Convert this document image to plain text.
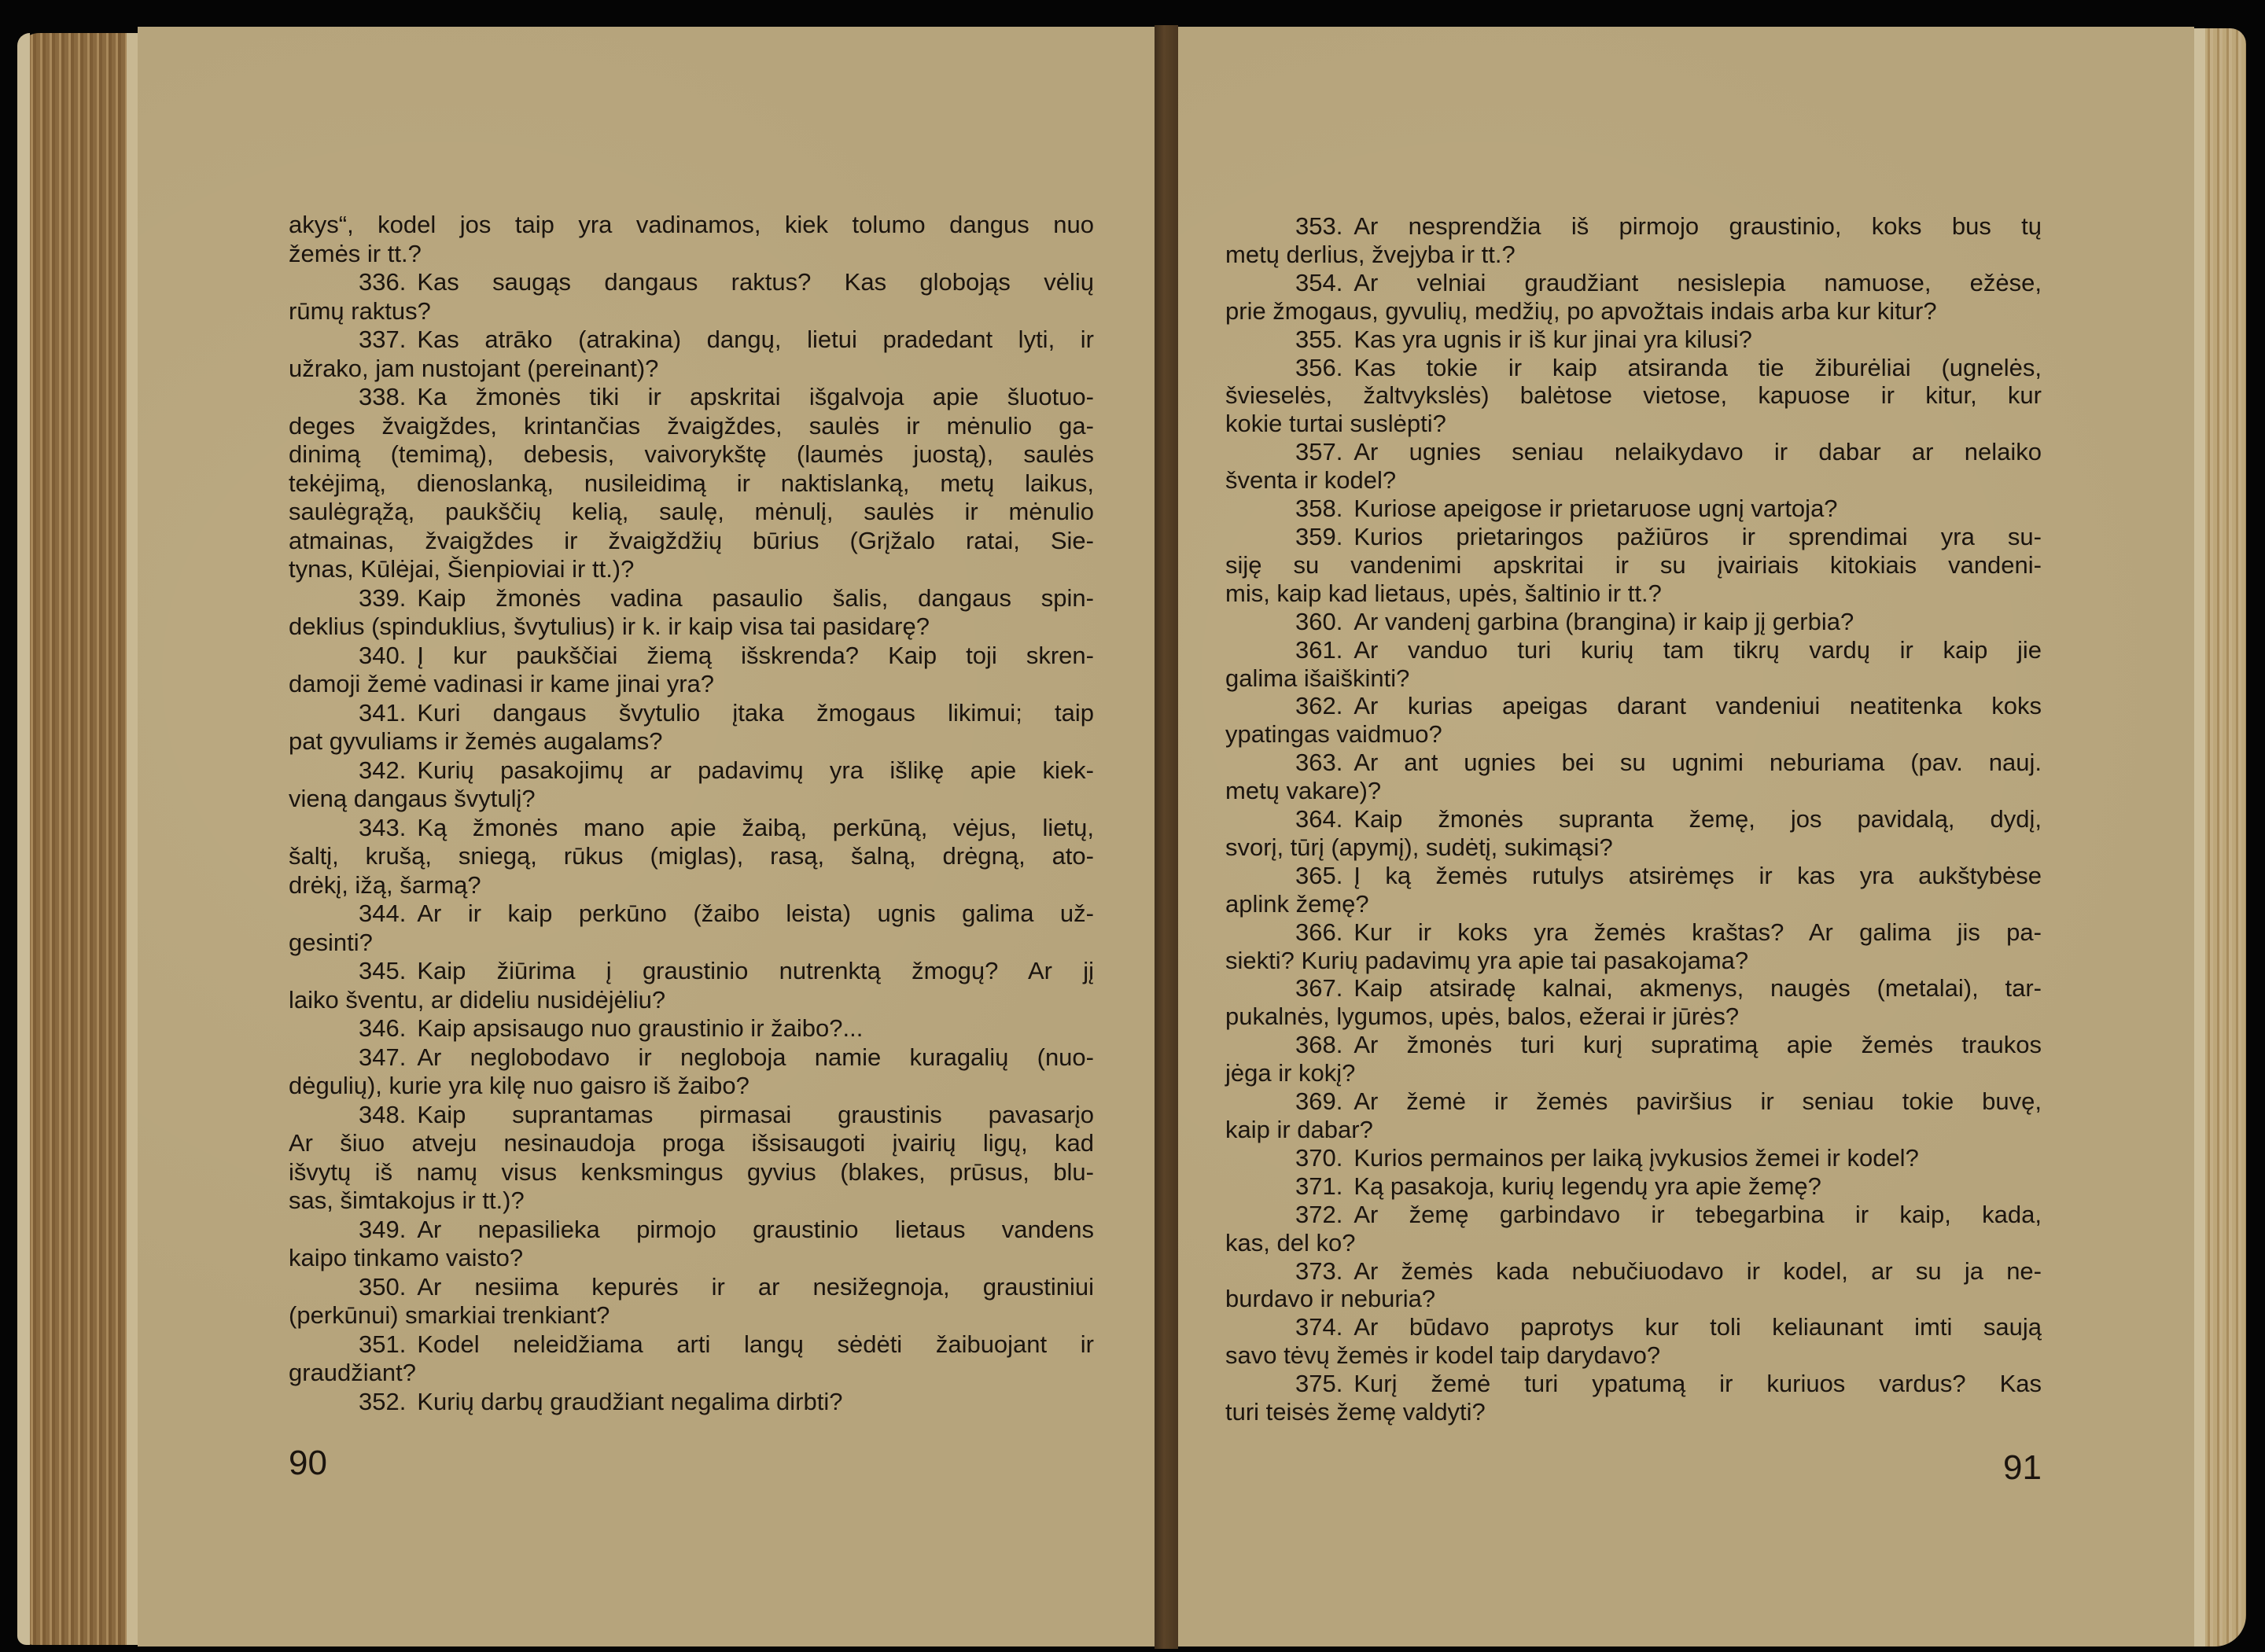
akys“, kodel jos taip yra vadinamos, kiek tolumo dangus nuo
žemės ir tt.?
336. Kas saugąs dangaus raktus? Kas globojąs vėlių
rūmų raktus?
337. Kas atrāko (atrakina) dangų, lietui pradedant lyti, ir
užrako, jam nustojant (pereinant)?
338. Ka žmonės tiki ir apskritai išgalvoja apie šluotuo-
deges žvaigždes, krintančias žvaigždes, saulės ir mėnulio ga-
dinimą (temimą), debesis, vaivorykštę (laumės juostą), saulės
tekėjimą, dienoslanką, nusileidimą ir naktislanką, metų laikus,
saulėgrąžą, paukščių kelią, saulę, mėnulį, saulės ir mėnulio
atmainas, žvaigždes ir žvaigždžių būrius (Grįžalo ratai, Sie-
tynas, Kūlėjai, Šienpioviai ir tt.)?
339. Kaip žmonės vadina pasaulio šalis, dangaus spin-
deklius (spinduklius, švytulius) ir k. ir kaip visa tai pasidarę?
340. Į kur paukščiai žiemą išskrenda? Kaip toji skren-
damoji žemė vadinasi ir kame jinai yra?
341. Kuri dangaus švytulio įtaka žmogaus likimui; taip
pat gyvuliams ir žemės augalams?
342. Kurių pasakojimų ar padavimų yra išlikę apie kiek-
vieną dangaus švytulį?
343. Ką žmonės mano apie žaibą, perkūną, vėjus, lietų,
šaltį, krušą, sniegą, rūkus (miglas), rasą, šalną, drėgną, ato-
drėkį, ižą, šarmą?
344. Ar ir kaip perkūno (žaibo leista) ugnis galima už-
gesinti?
345. Kaip žiūrima į graustinio nutrenktą žmogų? Ar jį
laiko šventu, ar dideliu nusidėjėliu?
346. Kaip apsisaugo nuo graustinio ir žaibo?...
347. Ar neglobodavo ir negloboja namie kuragalių (nuo-
dėgulių), kurie yra kilę nuo gaisro iš žaibo?
348. Kaip suprantamas pirmasai graustinis pavasarįo
Ar šiuo atveju nesinaudoja proga išsisaugoti įvairių ligų, kad
išvytų iš namų visus kenksmingus gyvius (blakes, prūsus, blu-
sas, šimtakojus ir tt.)?
349. Ar nepasilieka pirmojo graustinio lietaus vandens
kaipo tinkamo vaisto?
350. Ar nesiima kepurės ir ar nesižegnoja, graustiniui
(perkūnui) smarkiai trenkiant?
351. Kodel neleidžiama arti langų sėdėti žaibuojant ir
graudžiant?
352. Kurių darbų graudžiant negalima dirbti?
353. Ar nesprendžia iš pirmojo graustinio, koks bus tų
metų derlius, žvejyba ir tt.?
354. Ar velniai graudžiant nesislepia namuose, ežėse,
prie žmogaus, gyvulių, medžių, po apvožtais indais arba kur kitur?
355. Kas yra ugnis ir iš kur jinai yra kilusi?
356. Kas tokie ir kaip atsiranda tie žiburėliai (ugnelės,
švieselės, žaltvykslės) balėtose vietose, kapuose ir kitur, kur
kokie turtai suslėpti?
357. Ar ugnies seniau nelaikydavo ir dabar ar nelaiko
šventa ir kodel?
358. Kuriose apeigose ir prietaruose ugnį vartoja?
359. Kurios prietaringos pažiūros ir sprendimai yra su-
siję su vandenimi apskritai ir su įvairiais kitokiais vandeni-
mis, kaip kad lietaus, upės, šaltinio ir tt.?
360. Ar vandenį garbina (brangina) ir kaip jį gerbia?
361. Ar vanduo turi kurių tam tikrų vardų ir kaip jie
galima išaiškinti?
362. Ar kurias apeigas darant vandeniui neatitenka koks
ypatingas vaidmuo?
363. Ar ant ugnies bei su ugnimi neburiama (pav. nauj.
metų vakare)?
364. Kaip žmonės supranta žemę, jos pavidalą, dydį,
svorį, tūrį (apymį), sudėtį, sukimąsi?
365. Į ką žemės rutulys atsirėmęs ir kas yra aukštybėse
aplink žemę?
366. Kur ir koks yra žemės kraštas? Ar galima jis pa-
siekti? Kurių padavimų yra apie tai pasakojama?
367. Kaip atsiradę kalnai, akmenys, naugės (metalai), tar-
pukalnės, lygumos, upės, balos, ežerai ir jūrės?
368. Ar žmonės turi kurį supratimą apie žemės traukos
jėga ir kokį?
369. Ar žemė ir žemės paviršius ir seniau tokie buvę,
kaip ir dabar?
370. Kurios permainos per laiką įvykusios žemei ir kodel?
371. Ką pasakoja, kurių legendų yra apie žemę?
372. Ar žemę garbindavo ir tebegarbina ir kaip, kada,
kas, del ko?
373. Ar žemės kada nebučiuodavo ir kodel, ar su ja ne-
burdavo ir neburia?
374. Ar būdavo paprotys kur toli keliaunant imti saują
savo tėvų žemės ir kodel taip darydavo?
375. Kurį žemė turi ypatumą ir kuriuos vardus? Kas
turi teisės žemę valdyti?
90	91
